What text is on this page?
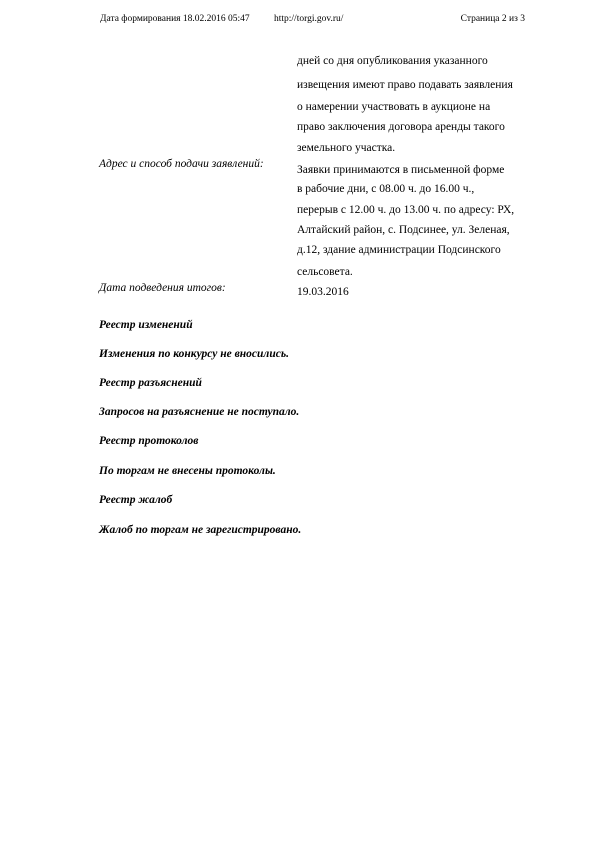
Дата формирования 18.02.2016 05:47	http://torgi.gov.ru/	Страница 2 из 3
дней со дня опубликования указанного
извещения имеют право подавать заявления
о намерении участвовать в аукционе на
право заключения договора аренды такого
земельного участка.
Адрес и способ подачи заявлений:	Заявки принимаются в письменной форме
в рабочие дни, с 08.00 ч. до 16.00 ч.,
перерыв с 12.00 ч. до 13.00 ч. по адресу: РХ,
Алтайский район, с. Подсинее, ул. Зеленая,
д.12, здание администрации Подсинского
сельсовета.
Дата подведения итогов:	19.03.2016
Реестр изменений
Изменения по конкурсу не вносились.
Реестр разъяснений
Запросов на разъяснение не поступало.
Реестр протоколов
По торгам не внесены протоколы.
Реестр жалоб
Жалоб по торгам не зарегистрировано.
